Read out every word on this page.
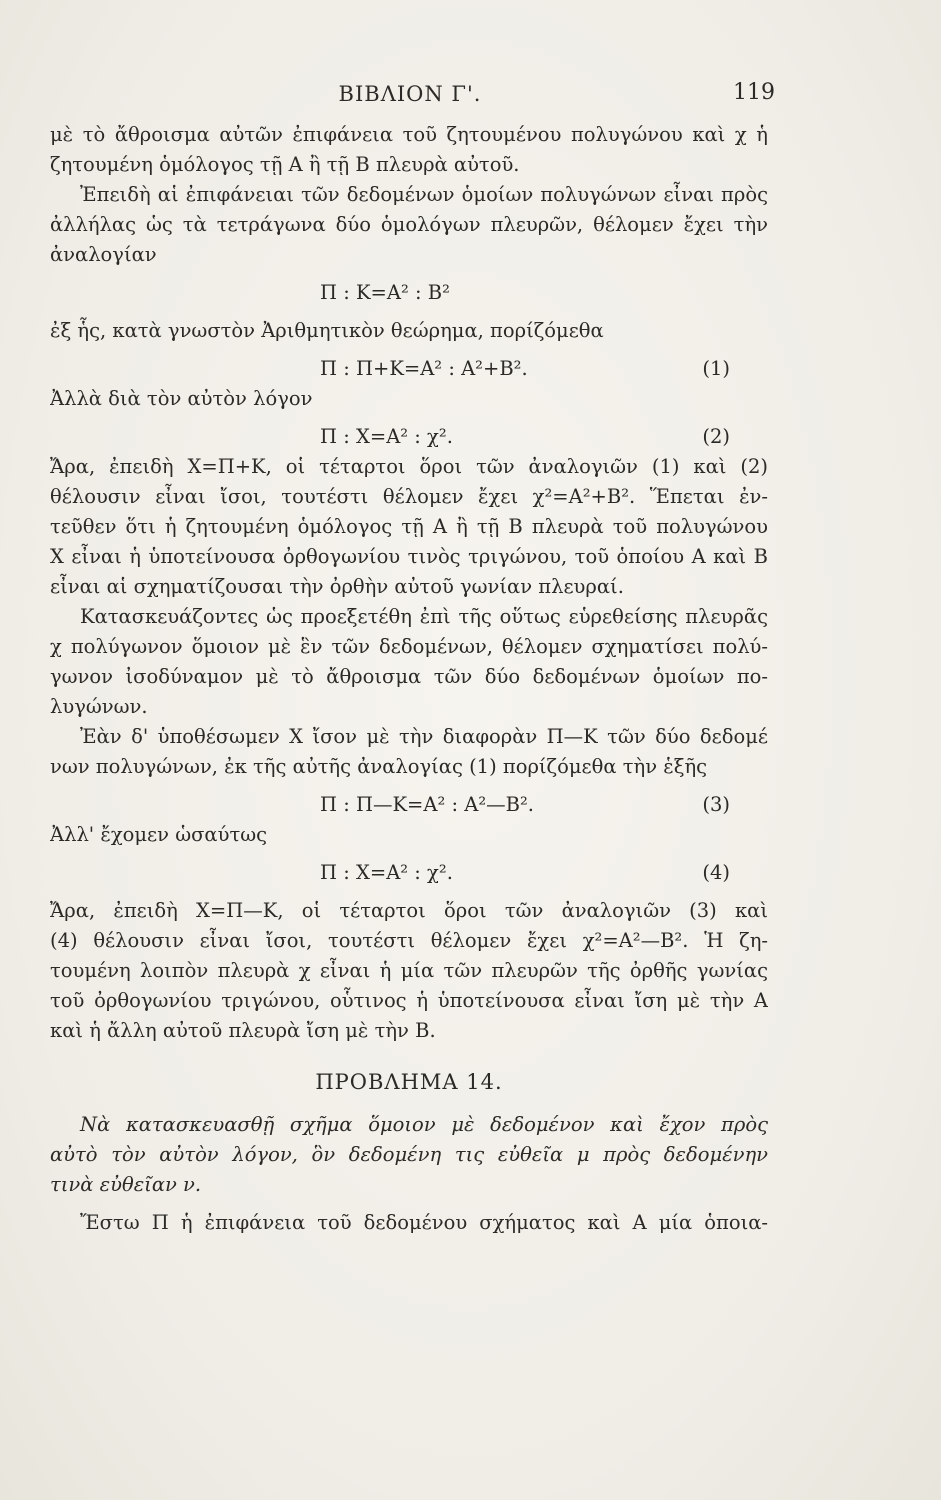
ΒΙΒΛΙΟΝ Γ'.	119
μὲ τὸ ἄθροισμα αὐτῶν ἐπιφάνεια τοῦ ζητουμένου πολυγώνου καὶ χ ἡ
ζητουμένη ὁμόλογος τῇ Α ἢ τῇ Β πλευρὰ αὐτοῦ.
Ἐπειδὴ αἱ ἐπιφάνειαι τῶν δεδομένων ὁμοίων πολυγώνων εἶναι πρὸς
ἀλλήλας ὡς τὰ τετράγωνα δύο ὁμολόγων πλευρῶν, θέλομεν ἔχει τὴν
ἀναλογίαν
Π : Κ=Α² : Β²
ἐξ ἧς, κατὰ γνωστὸν Ἀριθμητικὸν θεώρημα, πορίζόμεθα
Π : Π+Κ=Α² : Α²+Β².	(1)
Ἀλλὰ διὰ τὸν αὐτὸν λόγον
Π : Χ=Α² : χ².	(2)
Ἄρα, ἐπειδὴ Χ=Π+Κ, οἱ τέταρτοι ὅροι τῶν ἀναλογιῶν (1) καὶ (2)
θέλουσιν εἶναι ἴσοι, τουτέστι θέλομεν ἔχει χ²=Α²+Β². Ἕπεται ἐν-
τεῦθεν ὅτι ἡ ζητουμένη ὁμόλογος τῇ Α ἢ τῇ Β πλευρὰ τοῦ πολυγώνου
Χ εἶναι ἡ ὑποτείνουσα ὀρθογωνίου τινὸς τριγώνου, τοῦ ὁποίου Α καὶ Β
εἶναι αἱ σχηματίζουσαι τὴν ὀρθὴν αὐτοῦ γωνίαν πλευραί.
Κατασκευάζοντες ὡς προεξετέθη ἐπὶ τῆς οὕτως εὑρεθείσης πλευρᾶς
χ πολύγωνον ὅμοιον μὲ ἓν τῶν δεδομένων, θέλομεν σχηματίσει πολύ-
γωνον ἰσοδύναμον μὲ τὸ ἄθροισμα τῶν δύο δεδομένων ὁμοίων πο-
λυγώνων.
Ἐὰν δ' ὑποθέσωμεν Χ ἴσον μὲ τὴν διαφορὰν Π—Κ τῶν δύο δεδομέ
νων πολυγώνων, ἐκ τῆς αὐτῆς ἀναλογίας (1) πορίζόμεθα τὴν ἑξῆς
Π : Π—Κ=Α² : Α²—Β².	(3)
Ἀλλ' ἔχομεν ὡσαύτως
Π : Χ=Α² : χ².	(4)
Ἄρα, ἐπειδὴ Χ=Π—Κ, οἱ τέταρτοι ὅροι τῶν ἀναλογιῶν (3) καὶ
(4) θέλουσιν εἶναι ἴσοι, τουτέστι θέλομεν ἔχει χ²=Α²—Β². Ἡ ζη-
τουμένη λοιπὸν πλευρὰ χ εἶναι ἡ μία τῶν πλευρῶν τῆς ὀρθῆς γωνίας
τοῦ ὀρθογωνίου τριγώνου, οὗτινος ἡ ὑποτείνουσα εἶναι ἴση μὲ τὴν Α
καὶ ἡ ἄλλη αὐτοῦ πλευρὰ ἴση μὲ τὴν Β.
ΠΡΟΒΛΗΜΑ 14.
Νὰ κατασκευασθῇ σχῆμα ὅμοιον μὲ δεδομένον καὶ ἔχον πρὸς
αὐτὸ τὸν αὐτὸν λόγον, ὃν δεδομένη τις εὐθεῖα μ πρὸς δεδομένην
τινὰ εὐθεῖαν ν.
Ἔστω Π ἡ ἐπιφάνεια τοῦ δεδομένου σχήματος καὶ Α μία ὁποια-
